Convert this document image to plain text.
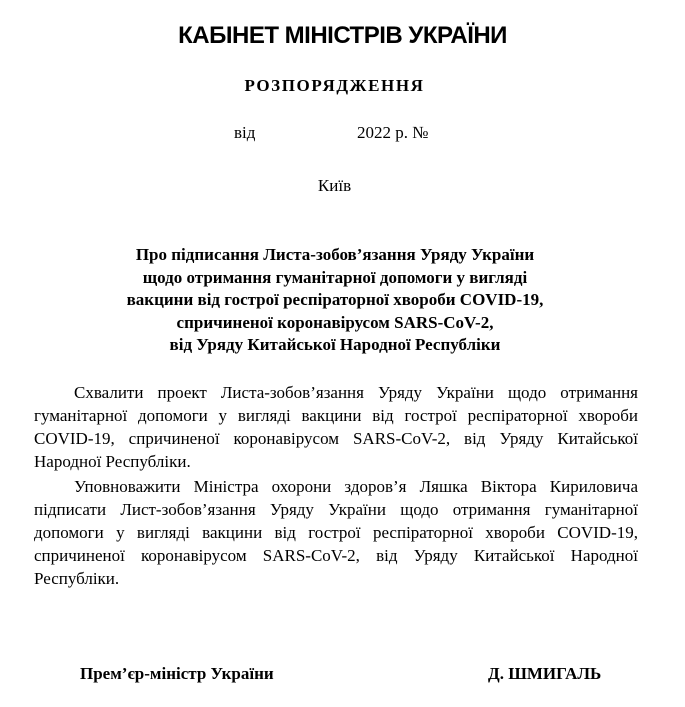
КАБІНЕТ МІНІСТРІВ УКРАЇНИ
РОЗПОРЯДЖЕННЯ
від	2022 р. №
Київ
Про підписання Листа-зобов’язання Уряду України
щодо отримання гуманітарної допомоги у вигляді
вакцини від гострої респіраторної хвороби COVID-19,
спричиненої коронавірусом SARS-CoV-2,
від Уряду Китайської Народної Республіки

Схвалити проект Листа-зобов’язання Уряду України щодо отримання гуманітарної допомоги у вигляді вакцини від гострої респіраторної хвороби COVID-19, спричиненої коронавірусом SARS-CoV-2, від Уряду Китайської Народної Республіки.

Уповноважити Міністра охорони здоров’я Ляшка Віктора Кириловича підписати Лист-зобов’язання Уряду України щодо отримання гуманітарної допомоги у вигляді вакцини від гострої респіраторної хвороби COVID-19, спричиненої коронавірусом SARS-CoV-2, від Уряду Китайської Народної Республіки.

Прем’єр-міністр України	Д. ШМИГАЛЬ
